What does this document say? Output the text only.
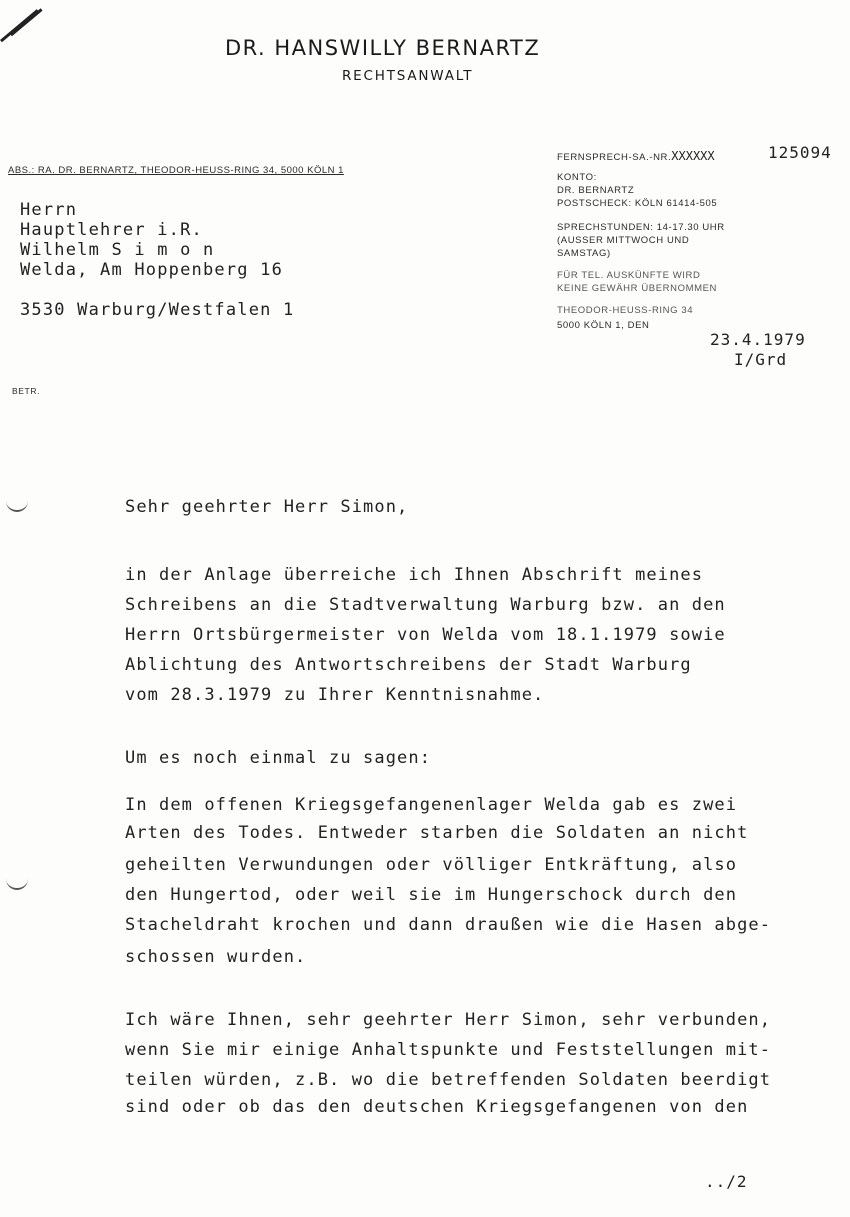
DR. HANSWILLY BERNARTZ
RECHTSANWALT
ABS.: RA. DR. BERNARTZ, THEODOR-HEUSS-RING 34, 5000 KÖLN 1
Herrn
Hauptlehrer i.R.
Wilhelm S i m o n
Welda, Am Hoppenberg 16
3530 Warburg/Westfalen 1
FERNSPRECH-SA.-NR.XXXXXX	125094
KONTO:
DR. BERNARTZ
POSTSCHECK: KÖLN 61414-505
SPRECHSTUNDEN: 14-17.30 UHR
(AUSSER MITTWOCH UND
SAMSTAG)
FÜR TEL. AUSKÜNFTE WIRD
KEINE GEWÄHR ÜBERNOMMEN
THEODOR-HEUSS-RING 34
5000 KÖLN 1, DEN
23.4.1979
I/Grd
BETR.
Sehr geehrter Herr Simon,
in der Anlage überreiche ich Ihnen Abschrift meines
Schreibens an die Stadtverwaltung Warburg bzw. an den
Herrn Ortsbürgermeister von Welda vom 18.1.1979 sowie
Ablichtung des Antwortschreibens der Stadt Warburg
vom 28.3.1979 zu Ihrer Kenntnisnahme.
Um es noch einmal zu sagen:
In dem offenen Kriegsgefangenenlager Welda gab es zwei
Arten des Todes. Entweder starben die Soldaten an nicht
geheilten Verwundungen oder völliger Entkräftung, also
den Hungertod, oder weil sie im Hungerschock durch den
Stacheldraht krochen und dann draußen wie die Hasen abge-
schossen wurden.
Ich wäre Ihnen, sehr geehrter Herr Simon, sehr verbunden,
wenn Sie mir einige Anhaltspunkte und Feststellungen mit-
teilen würden, z.B. wo die betreffenden Soldaten beerdigt
sind oder ob das den deutschen Kriegsgefangenen von den
../2
